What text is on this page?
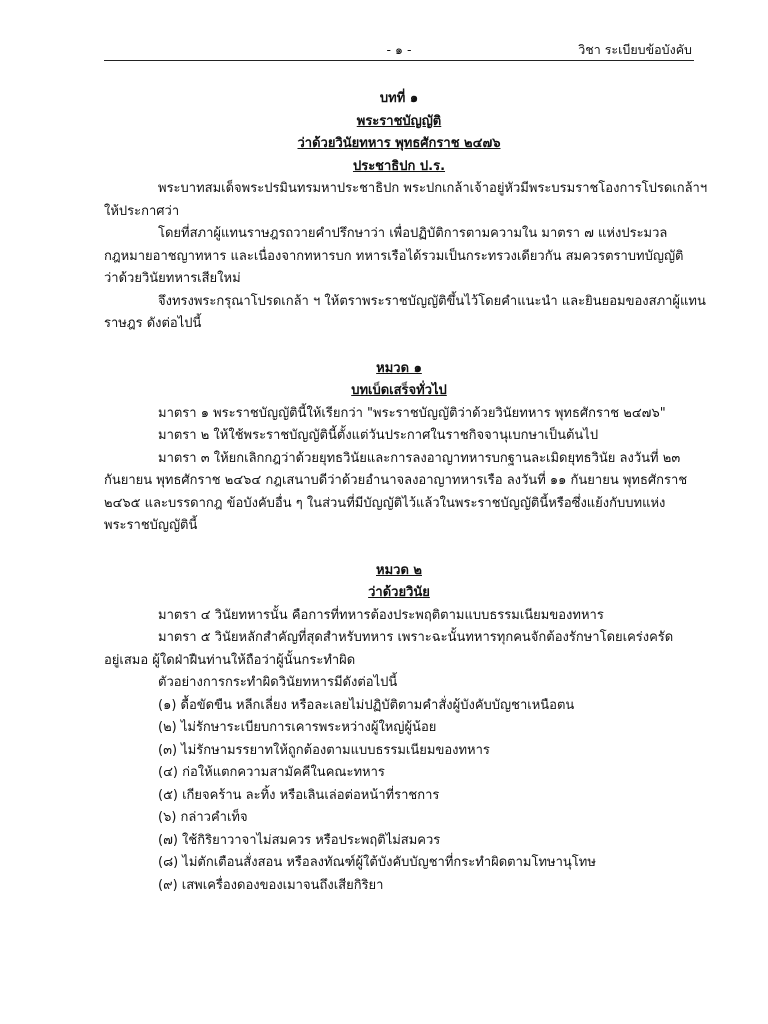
- ๑ -	วิชา ระเบียบข้อบังคับ
บทที่ ๑
พระราชบัญญัติ
ว่าด้วยวินัยทหาร พุทธศักราช ๒๔๗๖
ประชาธิปก ป.ร.
พระบาทสมเด็จพระปรมินทรมหาประชาธิปก พระปกเกล้าเจ้าอยู่หัวมีพระบรมราชโองการโปรดเกล้าฯ
ให้ประกาศว่า
โดยที่สภาผู้แทนราษฎรถวายคำปรึกษาว่า เพื่อปฏิบัติการตามความใน มาตรา ๗ แห่งประมวล
กฎหมายอาชญาทหาร และเนื่องจากทหารบก ทหารเรือได้รวมเป็นกระทรวงเดียวกัน สมควรตราบทบัญญัติ
ว่าด้วยวินัยทหารเสียใหม่
จึงทรงพระกรุณาโปรดเกล้า ฯ ให้ตราพระราชบัญญัติขึ้นไว้โดยคำแนะนำ และยินยอมของสภาผู้แทน
ราษฎร ดังต่อไปนี้
หมวด ๑
บทเบ็ดเสร็จทั่วไป
มาตรา ๑ พระราชบัญญัตินี้ให้เรียกว่า "พระราชบัญญัติว่าด้วยวินัยทหาร พุทธศักราช ๒๔๗๖"
มาตรา ๒ ให้ใช้พระราชบัญญัตินี้ตั้งแต่วันประกาศในราชกิจจานุเบกษาเป็นต้นไป
มาตรา ๓ ให้ยกเลิกกฎว่าด้วยยุทธวินัยและการลงอาญาทหารบกฐานละเมิดยุทธวินัย ลงวันที่ ๒๓
กันยายน พุทธศักราช ๒๔๖๔ กฎเสนาบดีว่าด้วยอำนาจลงอาญาทหารเรือ ลงวันที่ ๑๑ กันยายน พุทธศักราช
๒๔๖๕ และบรรดากฎ ข้อบังคับอื่น ๆ ในส่วนที่มีบัญญัติไว้แล้วในพระราชบัญญัตินี้หรือซึ่งแย้งกับบทแห่ง
พระราชบัญญัตินี้
หมวด ๒
ว่าด้วยวินัย
มาตรา ๔ วินัยทหารนั้น คือการที่ทหารต้องประพฤติตามแบบธรรมเนียมของทหาร
มาตรา ๕ วินัยหลักสำคัญที่สุดสำหรับทหาร เพราะฉะนั้นทหารทุกคนจักต้องรักษาโดยเคร่งครัด
อยู่เสมอ ผู้ใดฝ่าฝืนท่านให้ถือว่าผู้นั้นกระทำผิด
ตัวอย่างการกระทำผิดวินัยทหารมีดังต่อไปนี้
(๑) ดื้อขัดขืน หลีกเลี่ยง หรือละเลยไม่ปฏิบัติตามคำสั่งผู้บังคับบัญชาเหนือตน
(๒) ไม่รักษาระเบียบการเคารพระหว่างผู้ใหญ่ผู้น้อย
(๓) ไม่รักษามรรยาทให้ถูกต้องตามแบบธรรมเนียมของทหาร
(๔) ก่อให้แตกความสามัคคีในคณะทหาร
(๕) เกียจคร้าน ละทิ้ง หรือเลินเล่อต่อหน้าที่ราชการ
(๖) กล่าวคำเท็จ
(๗) ใช้กิริยาวาจาไม่สมควร หรือประพฤติไม่สมควร
(๘) ไม่ตักเตือนสั่งสอน หรือลงทัณฑ์ผู้ใต้บังคับบัญชาที่กระทำผิดตามโทษานุโทษ
(๙) เสพเครื่องดองของเมาจนถึงเสียกิริยา
